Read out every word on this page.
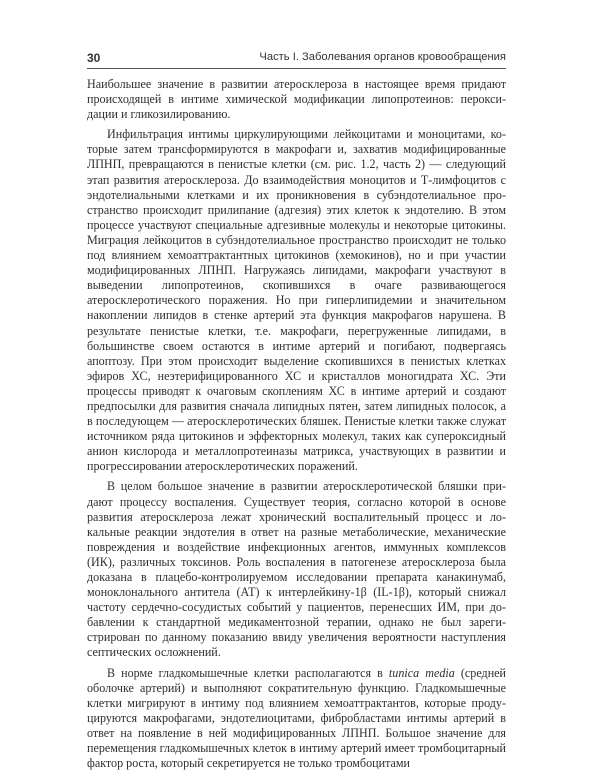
30	Часть I. Заболевания органов кровообращения

Наибольшее значение в развитии атеросклероза в настоящее время придают происходящей в интиме химической модификации липопротеинов: пероксидации и гликозилированию.

Инфильтрация интимы циркулирующими лейкоцитами и моноцитами, которые затем трансформируются в макрофаги и, захватив модифицированные ЛПНП, превращаются в пенистые клетки (см. рис. 1.2, часть 2) — следующий этап развития атеросклероза. До взаимодействия моноцитов и Т-лимфоцитов с эндотелиальными клетками и их проникновения в субэндотелиальное пространство происходит прилипание (адгезия) этих клеток к эндотелию. В этом процессе участвуют специальные адгезивные молекулы и некоторые цитокины. Миграция лейкоцитов в субэндотелиальное пространство происходит не только под влиянием хемоаттрактантных цитокинов (хемокинов), но и при участии модифицированных ЛПНП. Нагружаясь липидами, макрофаги участвуют в выведении липопротеинов, скопившихся в очаге развивающегося атеросклеротического поражения. Но при гиперлипидемии и значительном накоплении липидов в стенке артерий эта функция макрофагов нарушена. В результате пенистые клетки, т.е. макрофаги, перегруженные липидами, в большинстве своем остаются в интиме артерий и погибают, подвергаясь апоптозу. При этом происходит выделение скопившихся в пенистых клетках эфиров ХС, неэтерифицированного ХС и кристаллов моногидрата ХС. Эти процессы приводят к очаговым скоплениям ХС в интиме артерий и создают предпосылки для развития сначала липидных пятен, затем липидных полосок, а в последующем — атеросклеротических бляшек. Пенистые клетки также служат источником ряда цитокинов и эффекторных молекул, таких как супероксидный анион кислорода и металлопротеиназы матрикса, участвующих в развитии и прогрессировании атеросклеротических поражений.

В целом большое значение в развитии атеросклеротической бляшки придают процессу воспаления. Существует теория, согласно которой в основе развития атеросклероза лежат хронический воспалительный процесс и локальные реакции эндотелия в ответ на разные метаболические, механические повреждения и воздействие инфекционных агентов, иммунных комплексов (ИК), различных токсинов. Роль воспаления в патогенезе атеросклероза была доказана в плацебо-контролируемом исследовании препарата канакинумаб, моноклонального антитела (АТ) к интерлейкину-1β (IL-1β), который снижал частоту сердечно-сосудистых событий у пациентов, перенесших ИМ, при добавлении к стандартной медикаментозной терапии, однако не был зарегистрирован по данному показанию ввиду увеличения вероятности наступления септических осложнений.

В норме гладкомышечные клетки располагаются в tunica media (средней оболочке артерий) и выполняют сократительную функцию. Гладкомышечные клетки мигрируют в интиму под влиянием хемоаттрактантов, которые продуцируются макрофагами, эндотелиоцитами, фибробластами интимы артерий в ответ на появление в ней модифицированных ЛПНП. Большое значение для перемещения гладкомышечных клеток в интиму артерий имеет тромбоцитарный фактор роста, который секретируется не только тромбоцитами
